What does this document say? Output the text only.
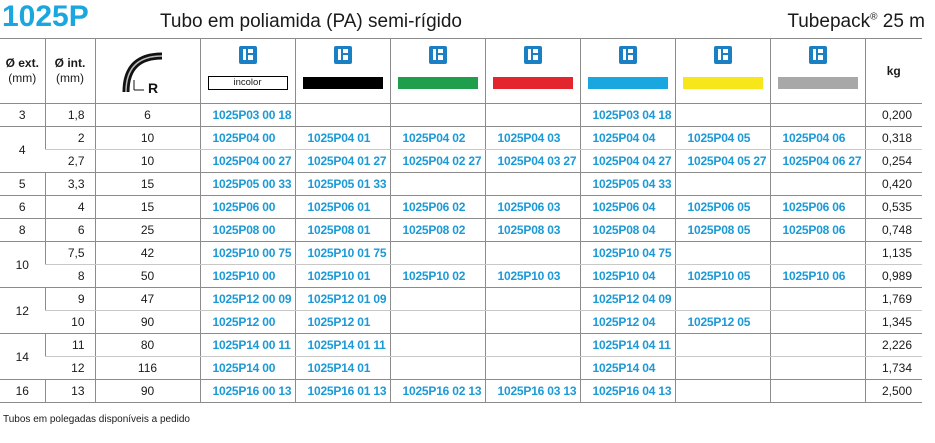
1025P	Tubo em poliamida (PA) semi-rígido	Tubepack® 25 m
Ø ext.
(mm)	Ø int.
(mm)	R	incolor							kg
3	1,8	6	1025P03 00 18				1025P03 04 18			0,200
4	2	10	1025P04 00	1025P04 01	1025P04 02	1025P04 03	1025P04 04	1025P04 05	1025P04 06	0,318
	2,7	10	1025P04 00 27	1025P04 01 27	1025P04 02 27	1025P04 03 27	1025P04 04 27	1025P04 05 27	1025P04 06 27	0,254
5	3,3	15	1025P05 00 33	1025P05 01 33			1025P05 04 33			0,420
6	4	15	1025P06 00	1025P06 01	1025P06 02	1025P06 03	1025P06 04	1025P06 05	1025P06 06	0,535
8	6	25	1025P08 00	1025P08 01	1025P08 02	1025P08 03	1025P08 04	1025P08 05	1025P08 06	0,748
10	7,5	42	1025P10 00 75	1025P10 01 75			1025P10 04 75			1,135
	8	50	1025P10 00	1025P10 01	1025P10 02	1025P10 03	1025P10 04	1025P10 05	1025P10 06	0,989
12	9	47	1025P12 00 09	1025P12 01 09			1025P12 04 09			1,769
	10	90	1025P12 00	1025P12 01			1025P12 04	1025P12 05		1,345
14	11	80	1025P14 00 11	1025P14 01 11			1025P14 04 11			2,226
	12	116	1025P14 00	1025P14 01			1025P14 04			1,734
16	13	90	1025P16 00 13	1025P16 01 13	1025P16 02 13	1025P16 03 13	1025P16 04 13			2,500
Tubos em polegadas disponíveis a pedido
